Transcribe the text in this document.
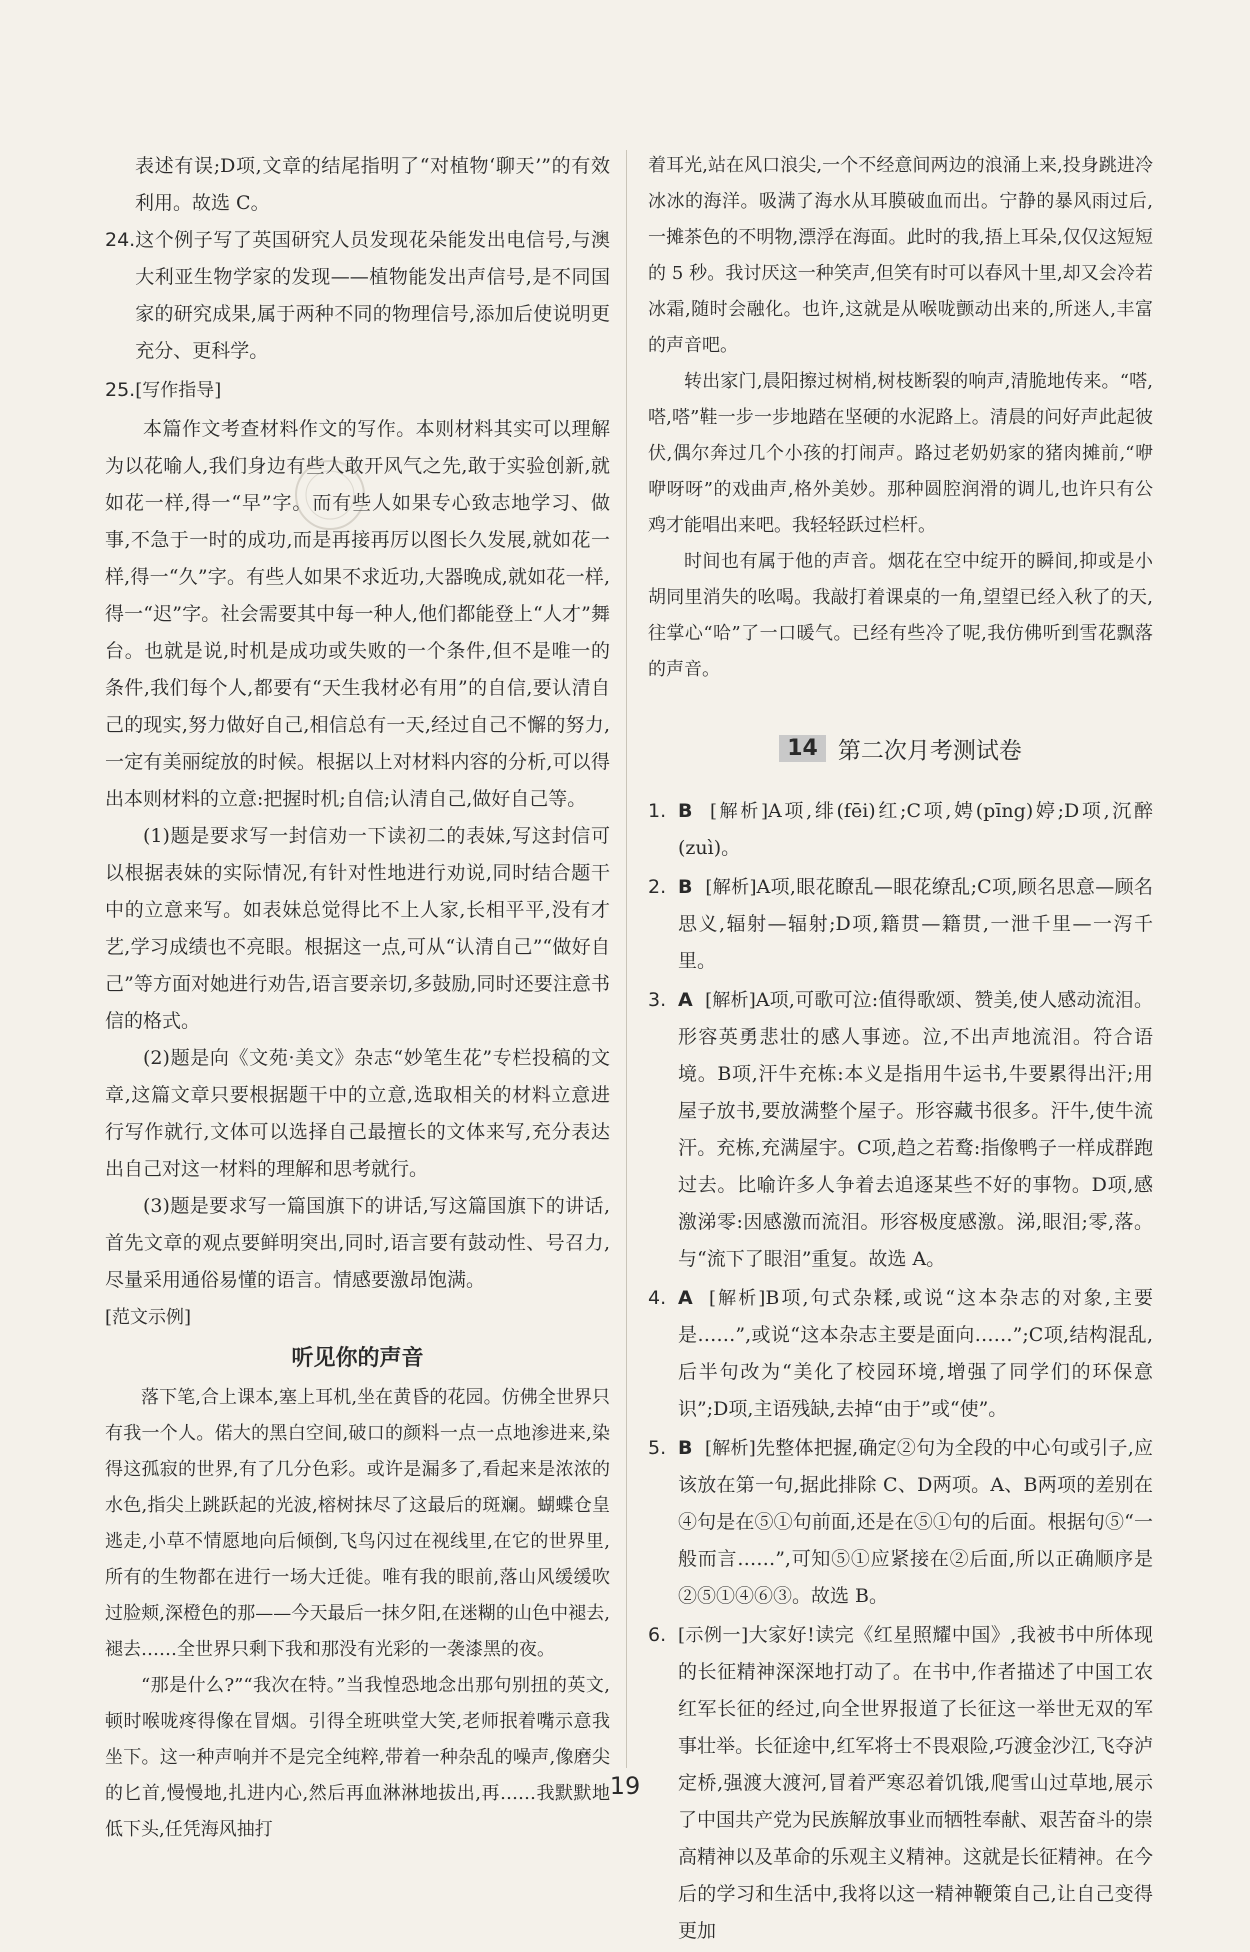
表述有误;D项,文章的结尾指明了“对植物‘聊天’”的有效利用。故选 C。

24. 这个例子写了英国研究人员发现花朵能发出电信号,与澳大利亚生物学家的发现——植物能发出声信号,是不同国家的研究成果,属于两种不同的物理信号,添加后使说明更充分、更科学。
25. [写作指导]

本篇作文考查材料作文的写作。本则材料其实可以理解为以花喻人,我们身边有些人敢开风气之先,敢于实验创新,就如花一样,得一“早”字。而有些人如果专心致志地学习、做事,不急于一时的成功,而是再接再厉以图长久发展,就如花一样,得一“久”字。有些人如果不求近功,大器晚成,就如花一样,得一“迟”字。社会需要其中每一种人,他们都能登上“人才”舞台。也就是说,时机是成功或失败的一个条件,但不是唯一的条件,我们每个人,都要有“天生我材必有用”的自信,要认清自己的现实,努力做好自己,相信总有一天,经过自己不懈的努力,一定有美丽绽放的时候。根据以上对材料内容的分析,可以得出本则材料的立意:把握时机;自信;认清自己,做好自己等。

(1)题是要求写一封信劝一下读初二的表妹,写这封信可以根据表妹的实际情况,有针对性地进行劝说,同时结合题干中的立意来写。如表妹总觉得比不上人家,长相平平,没有才艺,学习成绩也不亮眼。根据这一点,可从“认清自己”“做好自己”等方面对她进行劝告,语言要亲切,多鼓励,同时还要注意书信的格式。

(2)题是向《文苑·美文》杂志“妙笔生花”专栏投稿的文章,这篇文章只要根据题干中的立意,选取相关的材料立意进行写作就行,文体可以选择自己最擅长的文体来写,充分表达出自己对这一材料的理解和思考就行。

(3)题是要求写一篇国旗下的讲话,写这篇国旗下的讲话,首先文章的观点要鲜明突出,同时,语言要有鼓动性、号召力,尽量采用通俗易懂的语言。情感要激昂饱满。

[范文示例]

听见你的声音

落下笔,合上课本,塞上耳机,坐在黄昏的花园。仿佛全世界只有我一个人。偌大的黑白空间,破口的颜料一点一点地渗进来,染得这孤寂的世界,有了几分色彩。或许是漏多了,看起来是浓浓的水色,指尖上跳跃起的光波,榕树抹尽了这最后的斑斓。蝴蝶仓皇逃走,小草不情愿地向后倾倒,飞鸟闪过在视线里,在它的世界里,所有的生物都在进行一场大迁徙。唯有我的眼前,落山风缓缓吹过脸颊,深橙色的那——今天最后一抹夕阳,在迷糊的山色中褪去,褪去……全世界只剩下我和那没有光彩的一袭漆黑的夜。

“那是什么?”“我次在特。”当我惶恐地念出那句别扭的英文,顿时喉咙疼得像在冒烟。引得全班哄堂大笑,老师抿着嘴示意我坐下。这一种声响并不是完全纯粹,带着一种杂乱的噪声,像磨尖的匕首,慢慢地,扎进内心,然后再血淋淋地拔出,再……我默默地低下头,任凭海风抽打

着耳光,站在风口浪尖,一个不经意间两边的浪涌上来,投身跳进冷冰冰的海洋。吸满了海水从耳膜破血而出。宁静的暴风雨过后,一摊茶色的不明物,漂浮在海面。此时的我,捂上耳朵,仅仅这短短的 5 秒。我讨厌这一种笑声,但笑有时可以春风十里,却又会冷若冰霜,随时会融化。也许,这就是从喉咙颤动出来的,所迷人,丰富的声音吧。

转出家门,晨阳擦过树梢,树枝断裂的响声,清脆地传来。“嗒,嗒,嗒”鞋一步一步地踏在坚硬的水泥路上。清晨的问好声此起彼伏,偶尔奔过几个小孩的打闹声。路过老奶奶家的猪肉摊前,“咿咿呀呀”的戏曲声,格外美妙。那种圆腔润滑的调儿,也许只有公鸡才能唱出来吧。我轻轻跃过栏杆。

时间也有属于他的声音。烟花在空中绽开的瞬间,抑或是小胡同里消失的吆喝。我敲打着课桌的一角,望望已经入秋了的天,往掌心“哈”了一口暖气。已经有些冷了呢,我仿佛听到雪花飘落的声音。

14 第二次月考测试卷
1. B [解析]A项,绯(fēi)红;C项,娉(pīng)婷;D项,沉醉(zuì)。
2. B [解析]A项,眼花瞭乱—眼花缭乱;C项,顾名思意—顾名思义,辐射—辐射;D项,籍贯—籍贯,一泄千里—一泻千里。
3. A [解析]A项,可歌可泣:值得歌颂、赞美,使人感动流泪。形容英勇悲壮的感人事迹。泣,不出声地流泪。符合语境。B项,汗牛充栋:本义是指用牛运书,牛要累得出汗;用屋子放书,要放满整个屋子。形容藏书很多。汗牛,使牛流汗。充栋,充满屋宇。C项,趋之若鹜:指像鸭子一样成群跑过去。比喻许多人争着去追逐某些不好的事物。D项,感激涕零:因感激而流泪。形容极度感激。涕,眼泪;零,落。与“流下了眼泪”重复。故选 A。
4. A [解析]B项,句式杂糅,或说“这本杂志的对象,主要是……”,或说“这本杂志主要是面向……”;C项,结构混乱,后半句改为“美化了校园环境,增强了同学们的环保意识”;D项,主语残缺,去掉“由于”或“使”。
5. B [解析]先整体把握,确定②句为全段的中心句或引子,应该放在第一句,据此排除 C、D两项。A、B两项的差别在④句是在⑤①句前面,还是在⑤①句的后面。根据句⑤“一般而言……”,可知⑤①应紧接在②后面,所以正确顺序是②⑤①④⑥③。故选 B。
6. [示例一]大家好!读完《红星照耀中国》,我被书中所体现的长征精神深深地打动了。在书中,作者描述了中国工农红军长征的经过,向全世界报道了长征这一举世无双的军事壮举。长征途中,红军将士不畏艰险,巧渡金沙江,飞夺泸定桥,强渡大渡河,冒着严寒忍着饥饿,爬雪山过草地,展示了中国共产党为民族解放事业而牺牲奉献、艰苦奋斗的崇高精神以及革命的乐观主义精神。这就是长征精神。在今后的学习和生活中,我将以这一精神鞭策自己,让自己变得更加
19
